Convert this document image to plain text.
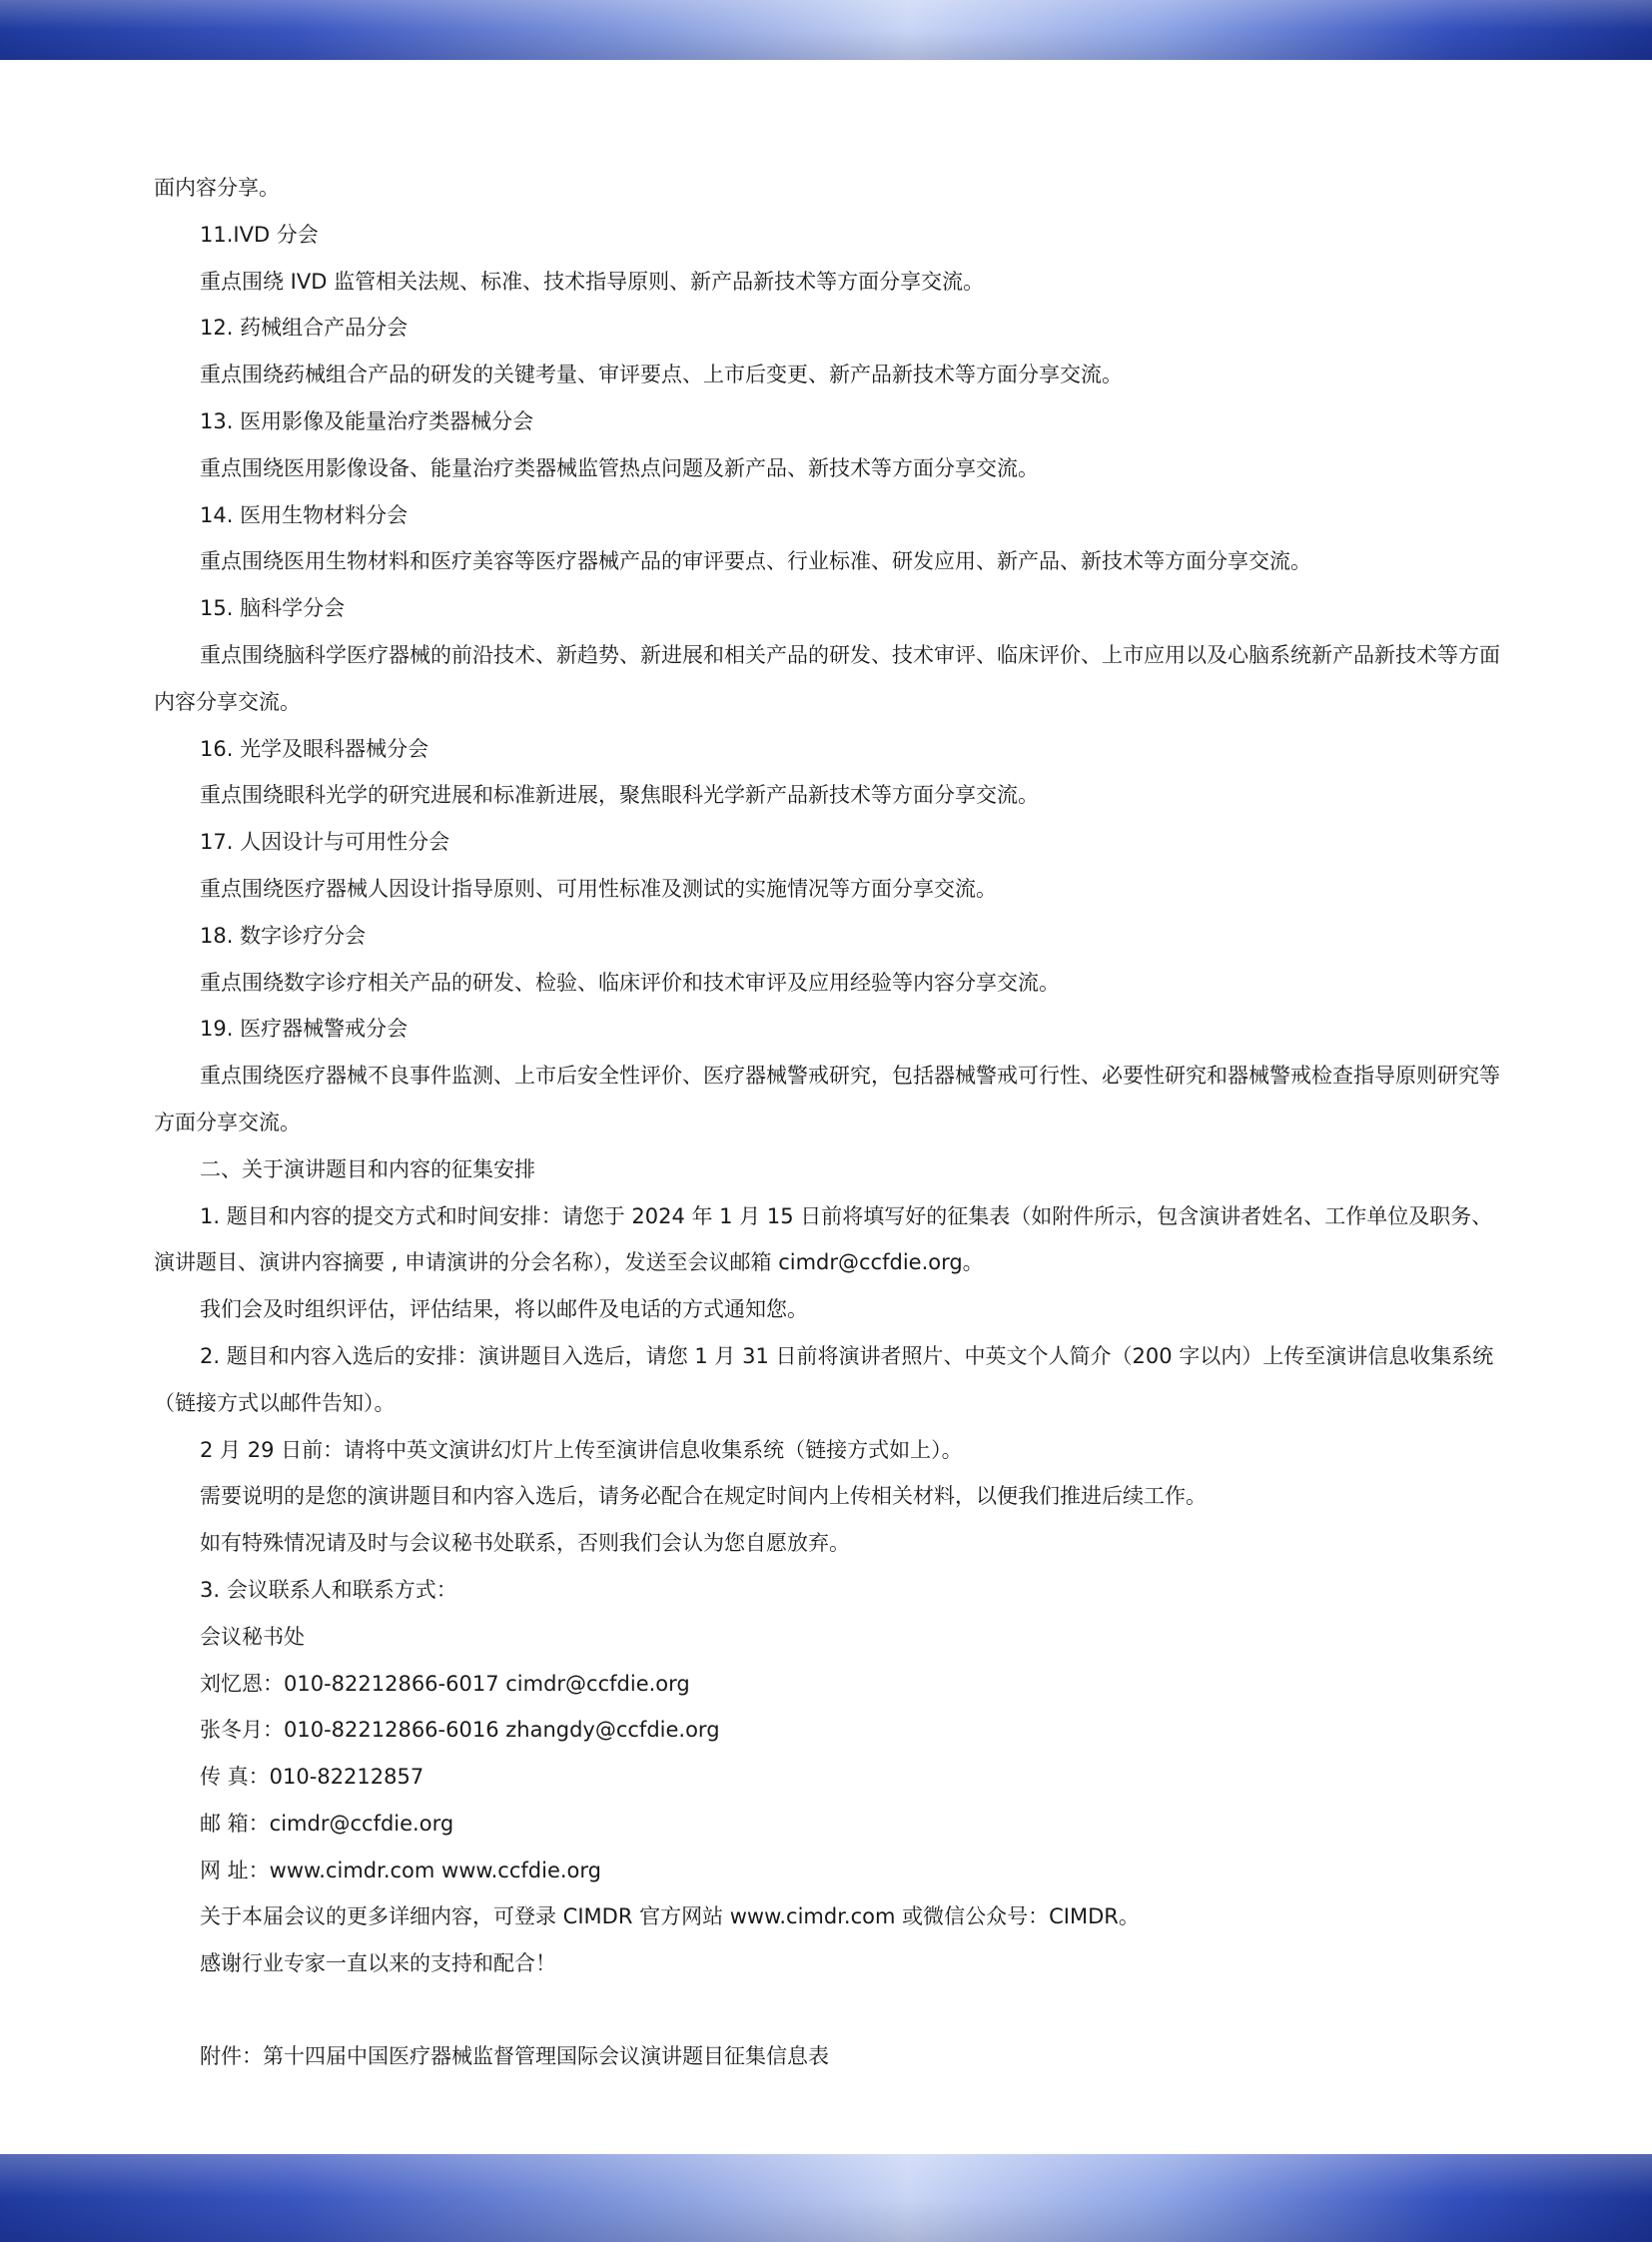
面内容分享。

11.IVD 分会

重点围绕 IVD 监管相关法规、标准、技术指导原则、新产品新技术等方面分享交流。

12. 药械组合产品分会

重点围绕药械组合产品的研发的关键考量、审评要点、上市后变更、新产品新技术等方面分享交流。

13. 医用影像及能量治疗类器械分会

重点围绕医用影像设备、能量治疗类器械监管热点问题及新产品、新技术等方面分享交流。

14. 医用生物材料分会

重点围绕医用生物材料和医疗美容等医疗器械产品的审评要点、行业标准、研发应用、新产品、新技术等方面分享交流。

15. 脑科学分会

重点围绕脑科学医疗器械的前沿技术、新趋势、新进展和相关产品的研发、技术审评、临床评价、上市应用以及心脑系统新产品新技术等方面内容分享交流。

16. 光学及眼科器械分会

重点围绕眼科光学的研究进展和标准新进展，聚焦眼科光学新产品新技术等方面分享交流。

17. 人因设计与可用性分会

重点围绕医疗器械人因设计指导原则、可用性标准及测试的实施情况等方面分享交流。

18. 数字诊疗分会

重点围绕数字诊疗相关产品的研发、检验、临床评价和技术审评及应用经验等内容分享交流。

19. 医疗器械警戒分会

重点围绕医疗器械不良事件监测、上市后安全性评价、医疗器械警戒研究，包括器械警戒可行性、必要性研究和器械警戒检查指导原则研究等方面分享交流。

二、关于演讲题目和内容的征集安排

1. 题目和内容的提交方式和时间安排：请您于 2024 年 1 月 15 日前将填写好的征集表（如附件所示，包含演讲者姓名、工作单位及职务、演讲题目、演讲内容摘要 , 申请演讲的分会名称），发送至会议邮箱 cimdr@ccfdie.org。

我们会及时组织评估，评估结果，将以邮件及电话的方式通知您。

2. 题目和内容入选后的安排：演讲题目入选后，请您 1 月 31 日前将演讲者照片、中英文个人简介（200 字以内）上传至演讲信息收集系统（链接方式以邮件告知）。

2 月 29 日前：请将中英文演讲幻灯片上传至演讲信息收集系统（链接方式如上）。

需要说明的是您的演讲题目和内容入选后，请务必配合在规定时间内上传相关材料，以便我们推进后续工作。

如有特殊情况请及时与会议秘书处联系，否则我们会认为您自愿放弃。

3. 会议联系人和联系方式：

会议秘书处

刘忆恩：010-82212866-6017 cimdr@ccfdie.org

张冬月：010-82212866-6016 zhangdy@ccfdie.org

传 真：010-82212857

邮 箱：cimdr@ccfdie.org

网 址：www.cimdr.com www.ccfdie.org

关于本届会议的更多详细内容，可登录 CIMDR 官方网站 www.cimdr.com 或微信公众号：CIMDR。

感谢行业专家一直以来的支持和配合！

附件：第十四届中国医疗器械监督管理国际会议演讲题目征集信息表
